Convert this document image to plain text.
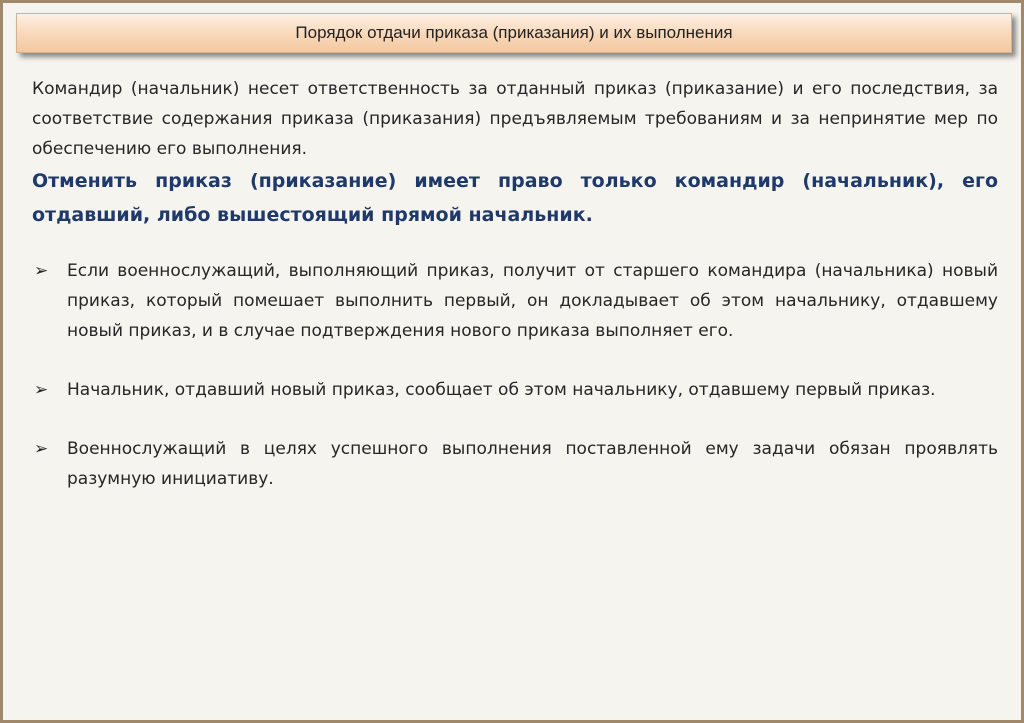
Порядок отдачи приказа (приказания) и их выполнения

Командир (начальник) несет ответственность за отданный приказ (приказание) и его последствия, за соответствие содержания приказа (приказания) предъявляемым требованиям и за непринятие мер по обеспечению его выполнения.

Отменить приказ (приказание) имеет право только командир (начальник), его отдавший, либо вышестоящий прямой начальник.

➢ Если военнослужащий, выполняющий приказ, получит от старшего командира (начальника) новый приказ, который помешает выполнить первый, он докладывает об этом начальнику, отдавшему новый приказ, и в случае подтверждения нового приказа выполняет его.

➢ Начальник, отдавший новый приказ, сообщает об этом начальнику, отдавшему первый приказ.

➢ Военнослужащий в целях успешного выполнения поставленной ему задачи обязан проявлять разумную инициативу.
